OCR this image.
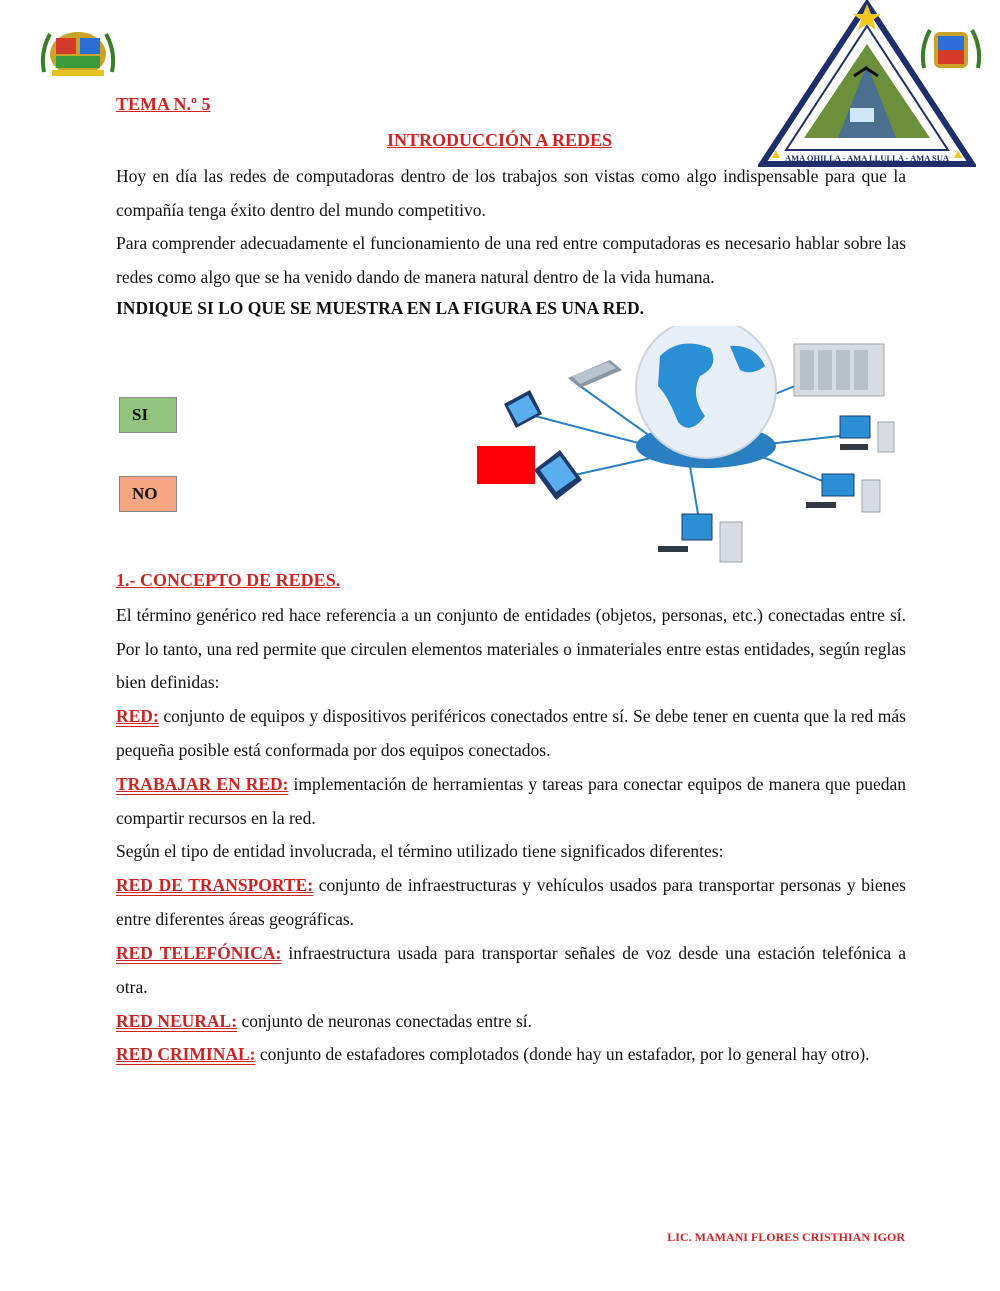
AMA QHILLA - AMA LLULLA - AMA SUA
TEMA N.º 5
INTRODUCCIÓN A REDES
Hoy en día las redes de computadoras dentro de los trabajos son vistas como algo indispensable para que la compañía tenga éxito dentro del mundo competitivo.
Para comprender adecuadamente el funcionamiento de una red entre computadoras es necesario hablar sobre las redes como algo que se ha venido dando de manera natural dentro de la vida humana.
INDIQUE SI LO QUE SE MUESTRA EN LA FIGURA ES UNA RED.
SI
NO
1.- CONCEPTO DE REDES.
El término genérico red hace referencia a un conjunto de entidades (objetos, personas, etc.) conectadas entre sí. Por lo tanto, una red permite que circulen elementos materiales o inmateriales entre estas entidades, según reglas bien definidas:
RED: conjunto de equipos y dispositivos periféricos conectados entre sí. Se debe tener en cuenta que la red más pequeña posible está conformada por dos equipos conectados.
TRABAJAR EN RED: implementación de herramientas y tareas para conectar equipos de manera que puedan compartir recursos en la red.
Según el tipo de entidad involucrada, el término utilizado tiene significados diferentes:
RED DE TRANSPORTE: conjunto de infraestructuras y vehículos usados para transportar personas y bienes entre diferentes áreas geográficas.
RED TELEFÓNICA: infraestructura usada para transportar señales de voz desde una estación telefónica a otra.
RED NEURAL: conjunto de neuronas conectadas entre sí.
RED CRIMINAL: conjunto de estafadores complotados (donde hay un estafador, por lo general hay otro).
LIC. MAMANI FLORES CRISTHIAN IGOR
